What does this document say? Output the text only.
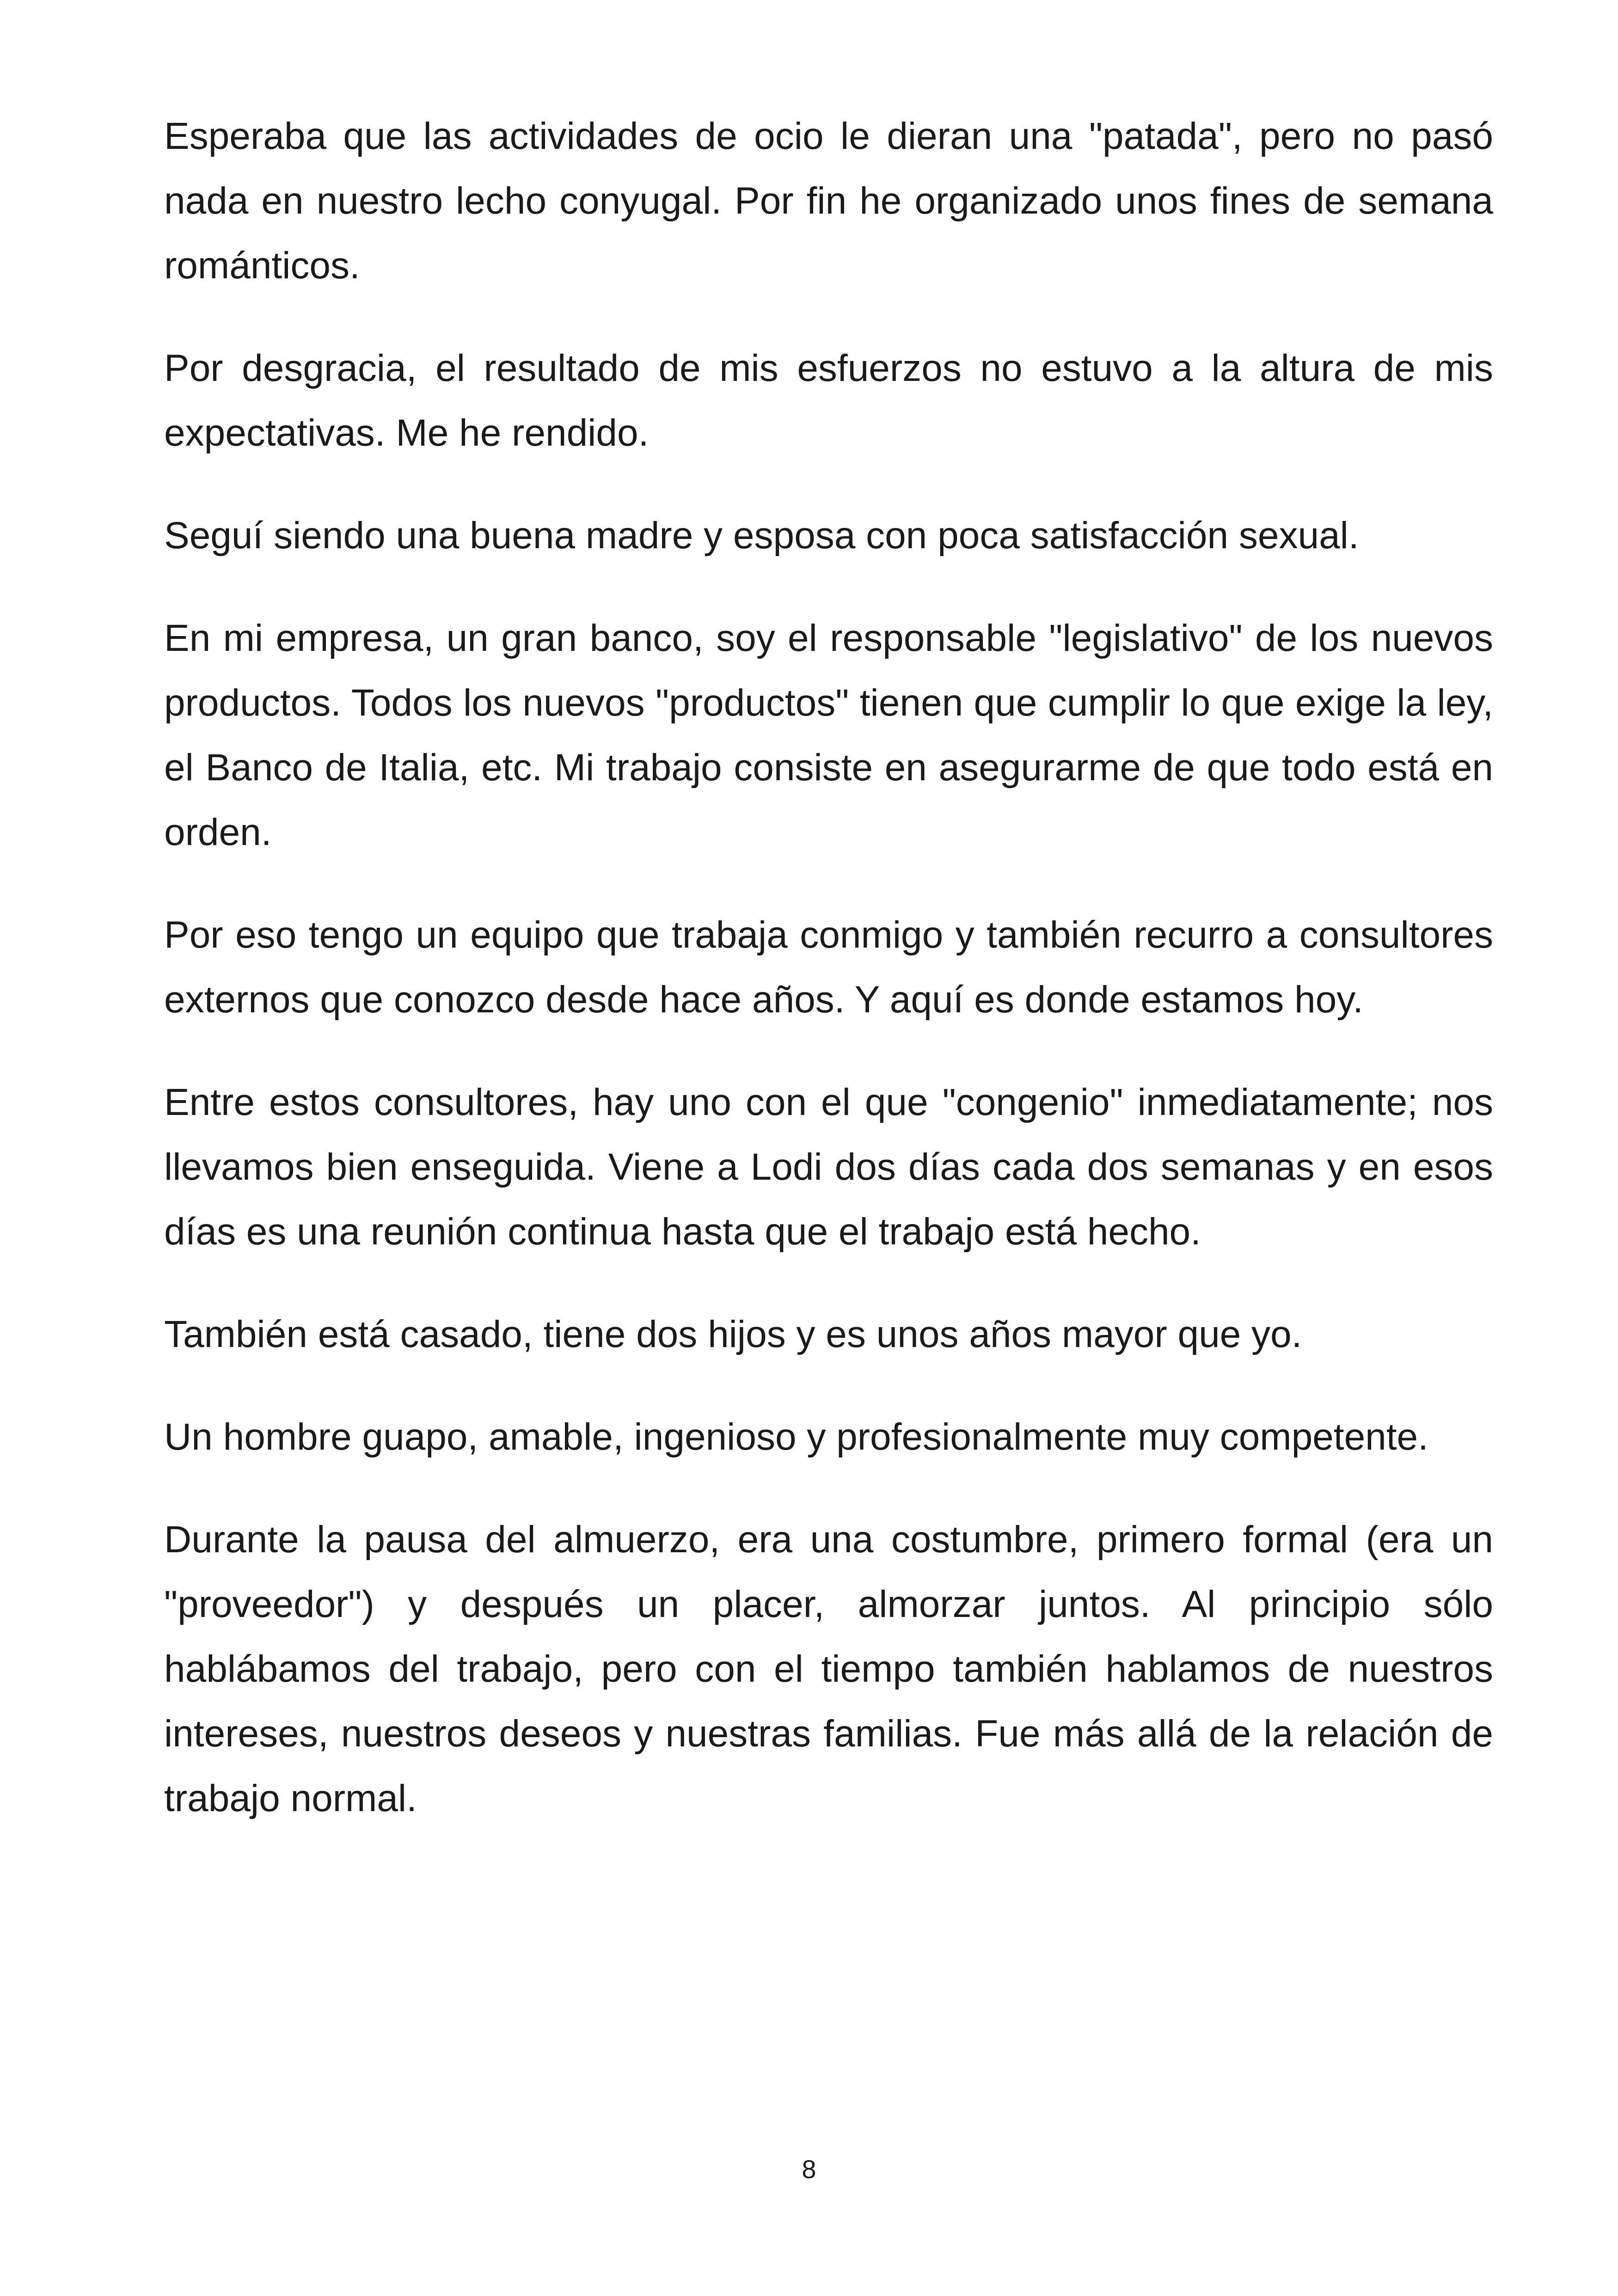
Esperaba que las actividades de ocio le dieran una "patada", pero no pasó nada en nuestro lecho conyugal. Por fin he organizado unos fines de semana románticos.

Por desgracia, el resultado de mis esfuerzos no estuvo a la altura de mis expectativas. Me he rendido.

Seguí siendo una buena madre y esposa con poca satisfacción sexual.

En mi empresa, un gran banco, soy el responsable "legislativo" de los nuevos productos. Todos los nuevos "productos" tienen que cumplir lo que exige la ley, el Banco de Italia, etc. Mi trabajo consiste en asegurarme de que todo está en orden.

Por eso tengo un equipo que trabaja conmigo y también recurro a consultores externos que conozco desde hace años. Y aquí es donde estamos hoy.

Entre estos consultores, hay uno con el que "congenio" inmediatamente; nos llevamos bien enseguida. Viene a Lodi dos días cada dos semanas y en esos días es una reunión continua hasta que el trabajo está hecho.

También está casado, tiene dos hijos y es unos años mayor que yo.

Un hombre guapo, amable, ingenioso y profesionalmente muy competente.

Durante la pausa del almuerzo, era una costumbre, primero formal (era un "proveedor") y después un placer, almorzar juntos. Al principio sólo hablábamos del trabajo, pero con el tiempo también hablamos de nuestros intereses, nuestros deseos y nuestras familias. Fue más allá de la relación de trabajo normal.

8
